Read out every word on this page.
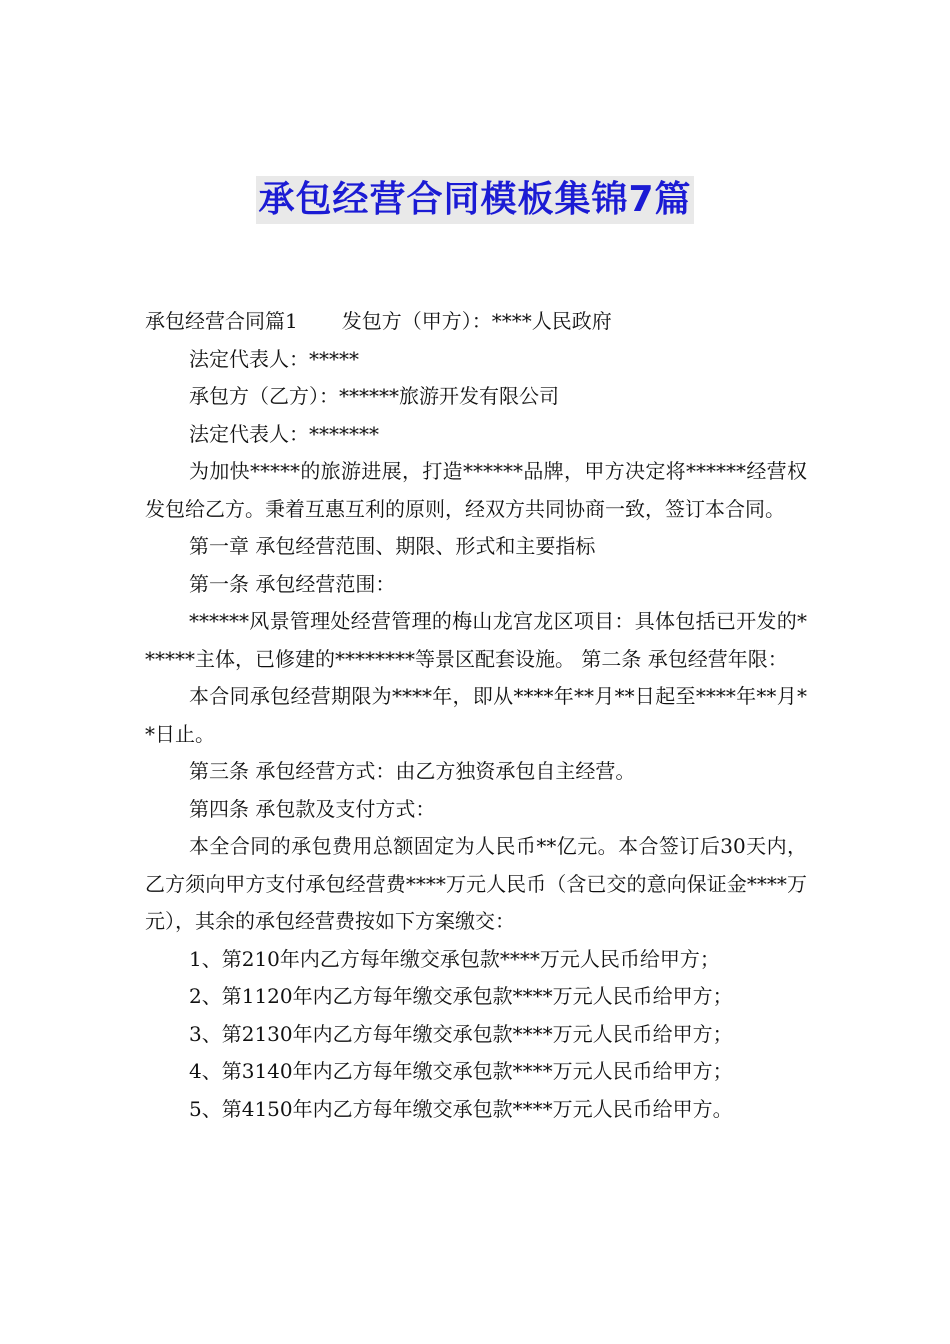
承包经营合同模板集锦7篇

承包经营合同篇1 发包方（甲方）：****人民政府

法定代表人：*****

承包方（乙方）：******旅游开发有限公司

法定代表人：*******

为加快*****的旅游进展，打造******品牌，甲方决定将******经营权发包给乙方。秉着互惠互利的原则，经双方共同协商一致，签订本合同。

第一章 承包经营范围、期限、形式和主要指标

第一条 承包经营范围：

******风景管理处经营管理的梅山龙宫龙区项目：具体包括已开发的******主体，已修建的********等景区配套设施。 第二条 承包经营年限：

本合同承包经营期限为****年，即从****年**月**日起至****年**月**日止。

第三条 承包经营方式：由乙方独资承包自主经营。

第四条 承包款及支付方式：

本全合同的承包费用总额固定为人民币**亿元。本合签订后30天内，乙方须向甲方支付承包经营费****万元人民币（含已交的意向保证金****万元），其余的承包经营费按如下方案缴交：

1、第210年内乙方每年缴交承包款****万元人民币给甲方；

2、第1120年内乙方每年缴交承包款****万元人民币给甲方；

3、第2130年内乙方每年缴交承包款****万元人民币给甲方；

4、第3140年内乙方每年缴交承包款****万元人民币给甲方；

5、第4150年内乙方每年缴交承包款****万元人民币给甲方。
